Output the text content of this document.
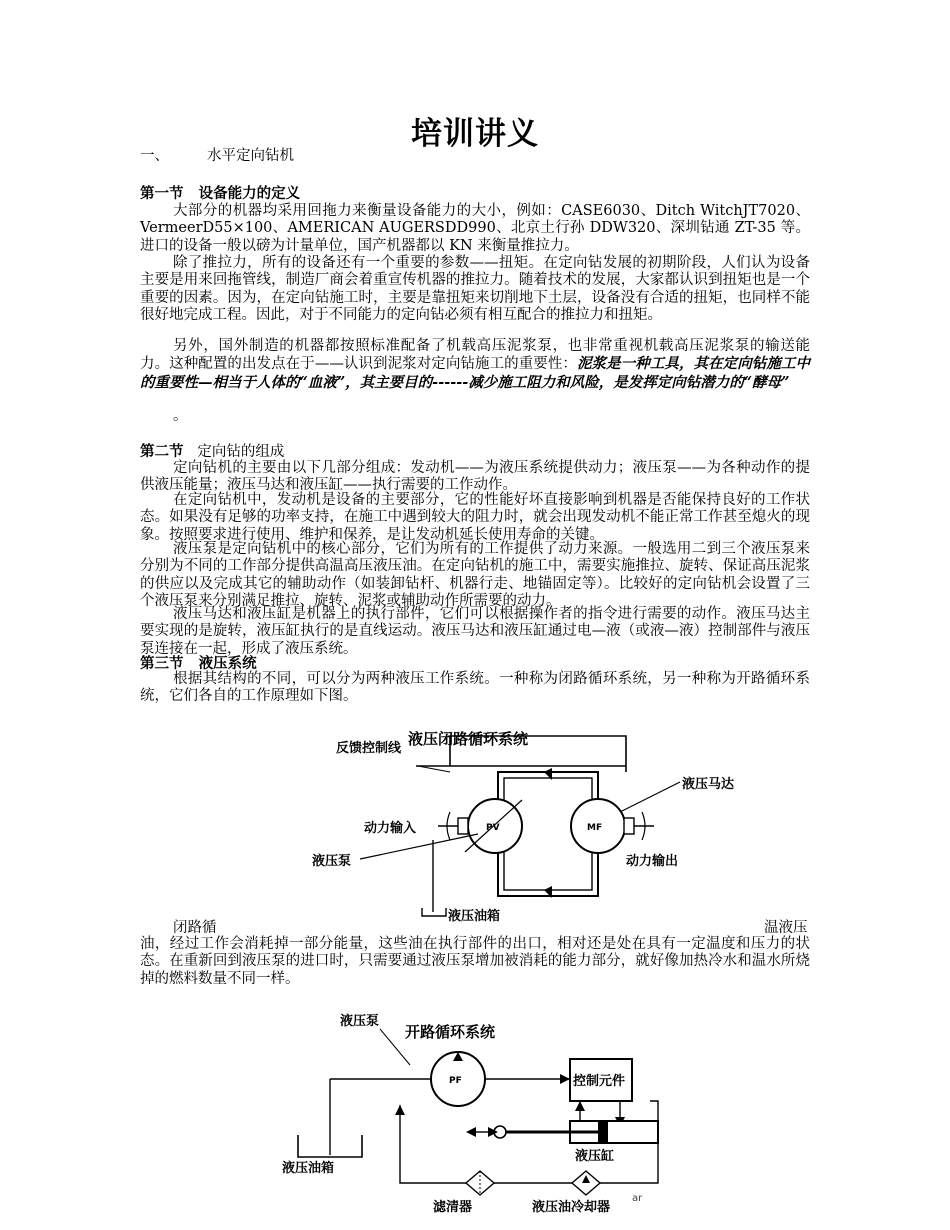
培训讲义
一、	水平定向钻机
第一节 设备能力的定义
大部分的机器均采用回拖力来衡量设备能力的大小，例如：CASE6030、Ditch WitchJT7020、VermeerD55×100、AMERICAN AUGERSDD990、北京土行孙 DDW320、深圳钻通 ZT-35 等。进口的设备一般以磅为计量单位，国产机器都以 KN 来衡量推拉力。
除了推拉力，所有的设备还有一个重要的参数——扭矩。在定向钻发展的初期阶段，人们认为设备主要是用来回拖管线，制造厂商会着重宣传机器的推拉力。随着技术的发展，大家都认识到扭矩也是一个重要的因素。因为，在定向钻施工时，主要是靠扭矩来切削地下土层，设备没有合适的扭矩，也同样不能很好地完成工程。因此，对于不同能力的定向钻必须有相互配合的推拉力和扭矩。
另外，国外制造的机器都按照标准配备了机载高压泥浆泵，也非常重视机载高压泥浆泵的输送能力。这种配置的出发点在于——认识到泥浆对定向钻施工的重要性：泥浆是一种工具，其在定向钻施工中的重要性—相当于人体的“血液”，其主要目的------减少施工阻力和风险，是发挥定向钻潜力的“酵母”
。
第二节 定向钻的组成
定向钻机的主要由以下几部分组成：发动机——为液压系统提供动力；液压泵——为各种动作的提供液压能量；液压马达和液压缸——执行需要的工作动作。
在定向钻机中，发动机是设备的主要部分，它的性能好坏直接影响到机器是否能保持良好的工作状态。如果没有足够的功率支持，在施工中遇到较大的阻力时，就会出现发动机不能正常工作甚至熄火的现象。按照要求进行使用、维护和保养，是让发动机延长使用寿命的关键。
液压泵是定向钻机中的核心部分，它们为所有的工作提供了动力来源。一般选用二到三个液压泵来分别为不同的工作部分提供高温高压液压油。在定向钻机的施工中，需要实施推拉、旋转、保证高压泥浆的供应以及完成其它的辅助动作（如装卸钻杆、机器行走、地锚固定等）。比较好的定向钻机会设置了三个液压泵来分别满足推拉、旋转、泥浆或辅助动作所需要的动力。
液压马达和液压缸是机器上的执行部件，它们可以根据操作者的指令进行需要的动作。液压马达主要实现的是旋转，液压缸执行的是直线运动。液压马达和液压缸通过电—液（或液—液）控制部件与液压泵连接在一起，形成了液压系统。
第三节 液压系统
根据其结构的不同，可以分为两种液压工作系统。一种称为闭路循环系统，另一种称为开路循环系统，它们各自的工作原理如下图。
液压闭路循环系统
反馈控制线
PV	MF
液压马达
动力输入
液压泵	动力输出
液压油箱
闭路循	温液压
油，经过工作会消耗掉一部分能量，这些油在执行部件的出口，相对还是处在具有一定温度和压力的状态。在重新回到液压泵的进口时，只需要通过液压泵增加被消耗的能力部分，就好像加热冷水和温水所烧掉的燃料数量不同一样。
液压泵
开路循环系统
PF	控制元件
液压缸
液压油箱
滤清器	液压油冷却器
ar
